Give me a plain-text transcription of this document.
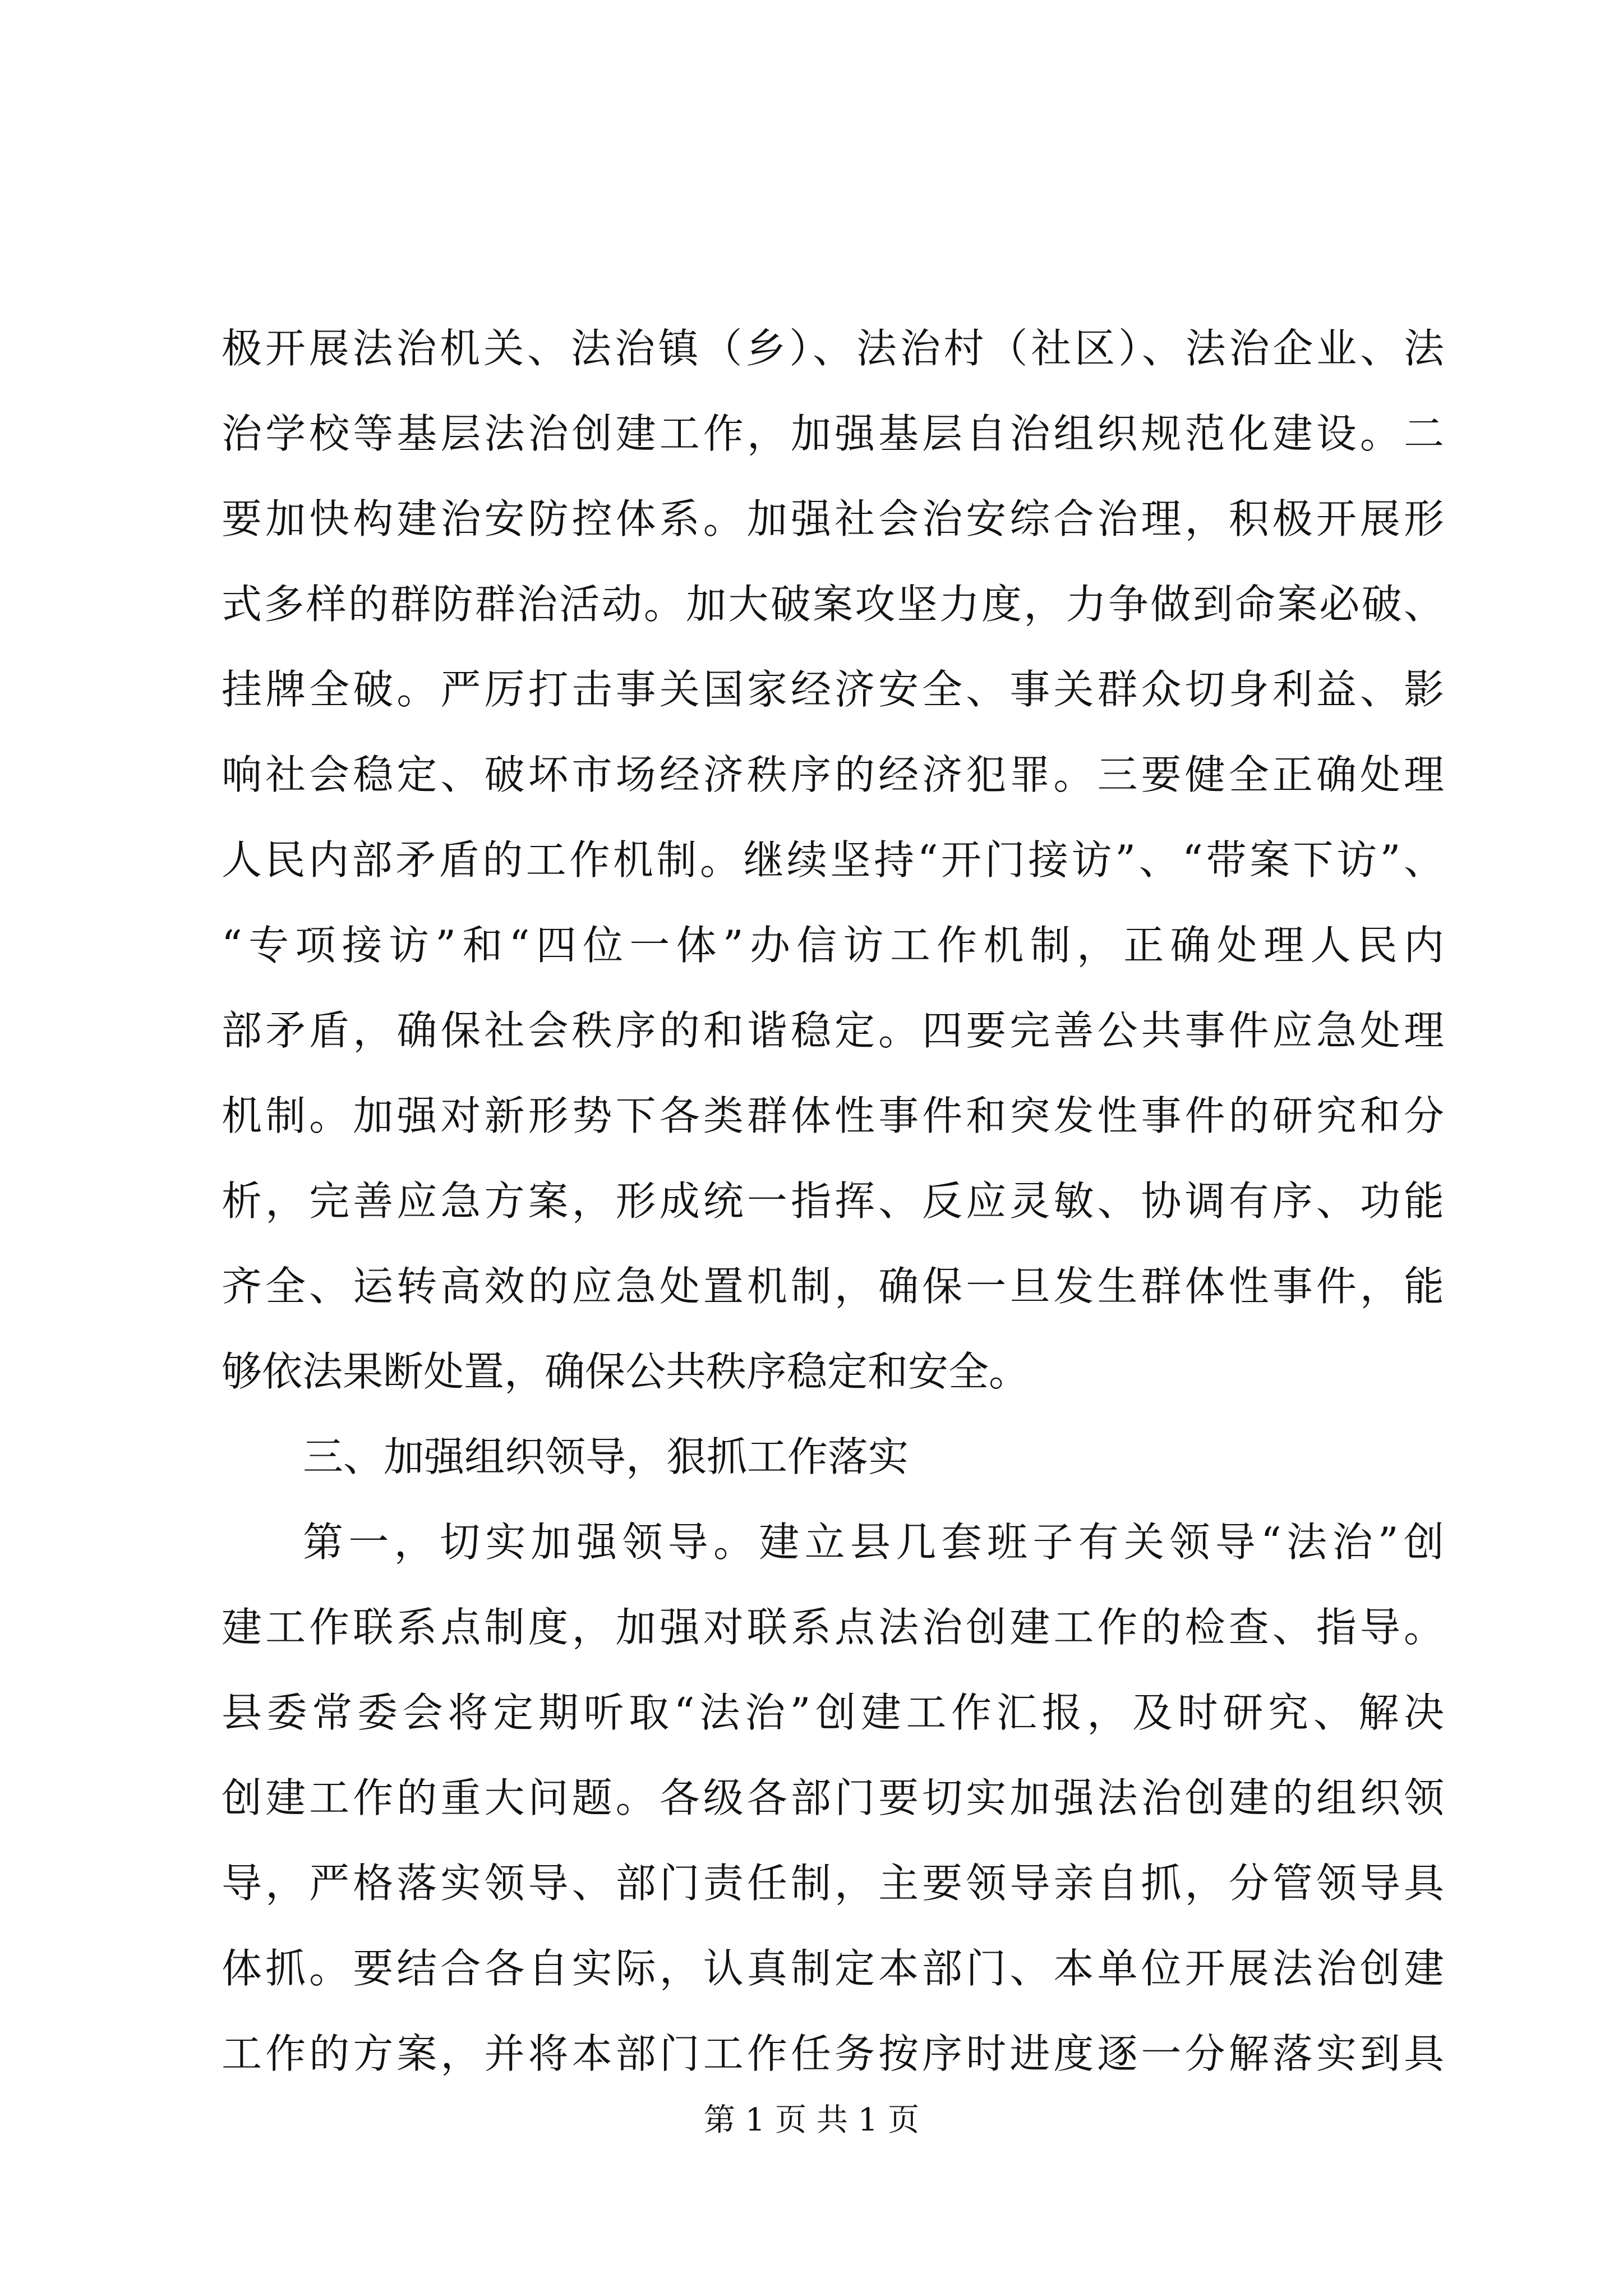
极开展法治机关、法治镇（乡）、法治村（社区）、法治企业、法
治学校等基层法治创建工作，加强基层自治组织规范化建设。二
要加快构建治安防控体系。加强社会治安综合治理，积极开展形
式多样的群防群治活动。加大破案攻坚力度，力争做到命案必破、
挂牌全破。严厉打击事关国家经济安全、事关群众切身利益、影
响社会稳定、破坏市场经济秩序的经济犯罪。三要健全正确处理
人民内部矛盾的工作机制。继续坚持“开门接访”、“带案下访”、
“专项接访”和“四位一体”办信访工作机制，正确处理人民内
部矛盾，确保社会秩序的和谐稳定。四要完善公共事件应急处理
机制。加强对新形势下各类群体性事件和突发性事件的研究和分
析，完善应急方案，形成统一指挥、反应灵敏、协调有序、功能
齐全、运转高效的应急处置机制，确保一旦发生群体性事件，能
够依法果断处置，确保公共秩序稳定和安全。
三、加强组织领导，狠抓工作落实
第一，切实加强领导。建立县几套班子有关领导“法治”创
建工作联系点制度，加强对联系点法治创建工作的检查、指导。
县委常委会将定期听取“法治”创建工作汇报，及时研究、解决
创建工作的重大问题。各级各部门要切实加强法治创建的组织领
导，严格落实领导、部门责任制，主要领导亲自抓，分管领导具
体抓。要结合各自实际，认真制定本部门、本单位开展法治创建
工作的方案，并将本部门工作任务按序时进度逐一分解落实到具
第 1 页 共 1 页
